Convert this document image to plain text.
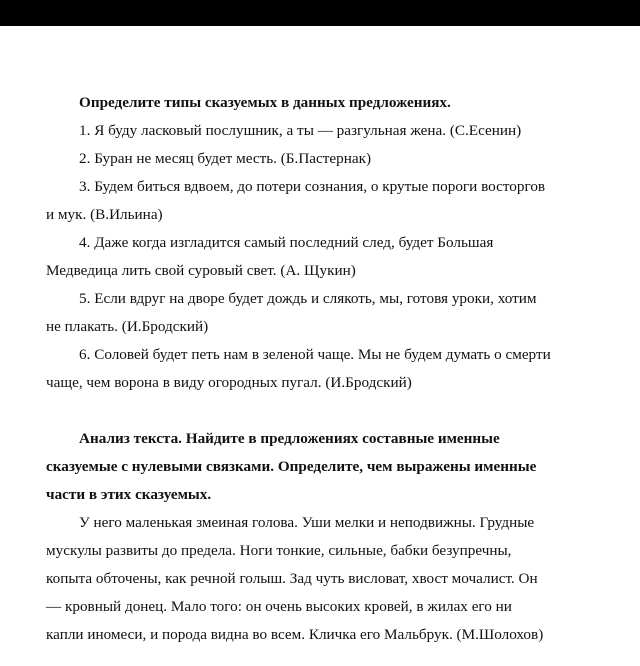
Определите типы сказуемых в данных предложениях.
1. Я буду ласковый послушник, а ты — разгульная жена. (С.Есенин)
2. Буран не месяц будет месть. (Б.Пастернак)
3. Будем биться вдвоем, до потери сознания, о крутые пороги восторгов
и мук. (В.Ильина)
4. Даже когда изгладится самый последний след, будет Большая
Медведица лить свой суровый свет. (А. Щукин)
5. Если вдруг на дворе будет дождь и слякоть, мы, готовя уроки, хотим
не плакать. (И.Бродский)
6. Соловей будет петь нам в зеленой чаще. Мы не будем думать о смерти
чаще, чем ворона в виду огородных пугал. (И.Бродский)
Анализ текста. Найдите в предложениях составные именные
сказуемые с нулевыми связками. Определите, чем выражены именные
части в этих сказуемых.
У него маленькая змеиная голова. Уши мелки и неподвижны. Грудные
мускулы развиты до предела. Ноги тонкие, сильные, бабки безупречны,
копыта обточены, как речной голыш. Зад чуть висловат, хвост мочалист. Он
— кровный донец. Мало того: он очень высоких кровей, в жилах его ни
капли иномеси, и порода видна во всем. Кличка его Мальбрук. (М.Шолохов)
